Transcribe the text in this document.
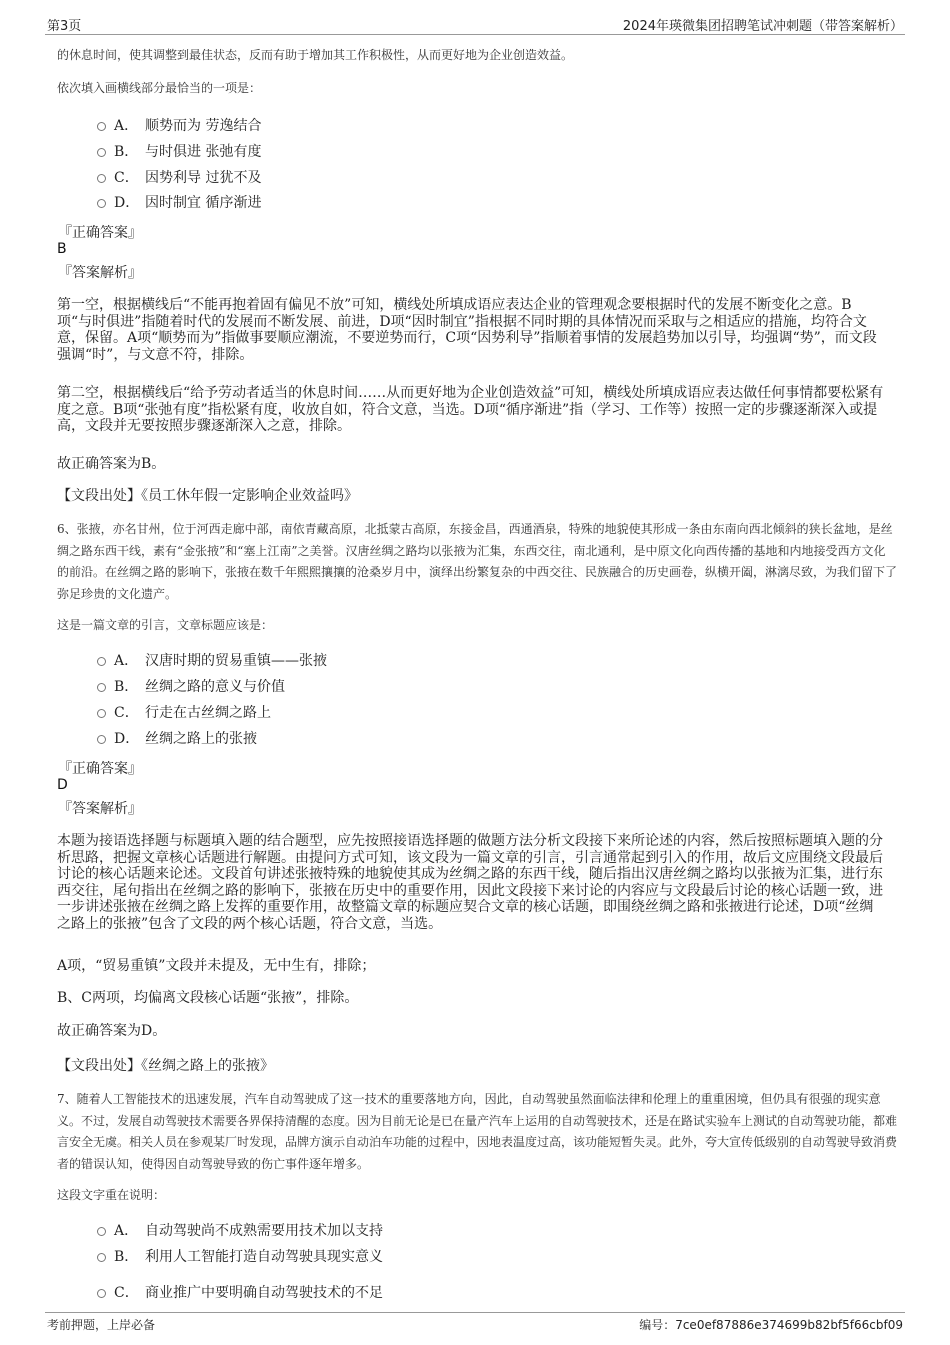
第3页	2024年瑛微集团招聘笔试冲刺题（带答案解析）
的休息时间，使其调整到最佳状态，反而有助于增加其工作积极性，从而更好地为企业创造效益。
依次填入画横线部分最恰当的一项是：
A． 顺势而为 劳逸结合
B． 与时俱进 张弛有度
C． 因势利导 过犹不及
D． 因时制宜 循序渐进
『正确答案』
B
『答案解析』
第一空，根据横线后“不能再抱着固有偏见不放”可知，横线处所填成语应表达企业的管理观念要根据时代的发展不断变化之意。B项“与时俱进”指随着时代的发展而不断发展、前进，D项“因时制宜”指根据不同时期的具体情况而采取与之相适应的措施，均符合文意，保留。A项“顺势而为”指做事要顺应潮流，不要逆势而行，C项“因势利导”指顺着事情的发展趋势加以引导，均强调“势”，而文段强调“时”，与文意不符，排除。
第二空，根据横线后“给予劳动者适当的休息时间……从而更好地为企业创造效益”可知，横线处所填成语应表达做任何事情都要松紧有度之意。B项“张弛有度”指松紧有度，收放自如，符合文意，当选。D项“循序渐进”指（学习、工作等）按照一定的步骤逐渐深入或提高，文段并无要按照步骤逐渐深入之意，排除。
故正确答案为B。
【文段出处】《员工休年假一定影响企业效益吗》
6、张掖，亦名甘州，位于河西走廊中部，南依青藏高原，北抵蒙古高原，东接金昌，西通酒泉，特殊的地貌使其形成一条由东南向西北倾斜的狭长盆地，是丝绸之路东西干线，素有“金张掖”和“塞上江南”之美誉。汉唐丝绸之路均以张掖为汇集，东西交往，南北通利，是中原文化向西传播的基地和内地接受西方文化的前沿。在丝绸之路的影响下，张掖在数千年熙熙攘攘的沧桑岁月中，演绎出纷繁复杂的中西交往、民族融合的历史画卷，纵横开阖，淋漓尽致，为我们留下了弥足珍贵的文化遗产。
这是一篇文章的引言，文章标题应该是：
A． 汉唐时期的贸易重镇——张掖
B． 丝绸之路的意义与价值
C． 行走在古丝绸之路上
D． 丝绸之路上的张掖
『正确答案』
D
『答案解析』
本题为接语选择题与标题填入题的结合题型，应先按照接语选择题的做题方法分析文段接下来所论述的内容，然后按照标题填入题的分析思路，把握文章核心话题进行解题。由提问方式可知，该文段为一篇文章的引言，引言通常起到引入的作用，故后文应围绕文段最后讨论的核心话题来论述。文段首句讲述张掖特殊的地貌使其成为丝绸之路的东西干线，随后指出汉唐丝绸之路均以张掖为汇集，进行东西交往，尾句指出在丝绸之路的影响下，张掖在历史中的重要作用，因此文段接下来讨论的内容应与文段最后讨论的核心话题一致，进一步讲述张掖在丝绸之路上发挥的重要作用，故整篇文章的标题应契合文章的核心话题，即围绕丝绸之路和张掖进行论述，D项“丝绸之路上的张掖”包含了文段的两个核心话题，符合文意，当选。
A项，“贸易重镇”文段并未提及，无中生有，排除；
B、C两项，均偏离文段核心话题“张掖”，排除。
故正确答案为D。
【文段出处】《丝绸之路上的张掖》
7、随着人工智能技术的迅速发展，汽车自动驾驶成了这一技术的重要落地方向，因此，自动驾驶虽然面临法律和伦理上的重重困境，但仍具有很强的现实意义。不过，发展自动驾驶技术需要各界保持清醒的态度。因为目前无论是已在量产汽车上运用的自动驾驶技术，还是在路试实验车上测试的自动驾驶功能，都难言安全无虞。相关人员在参观某厂时发现，品牌方演示自动泊车功能的过程中，因地表温度过高，该功能短暂失灵。此外，夸大宣传低级别的自动驾驶导致消费者的错误认知，使得因自动驾驶导致的伤亡事件逐年增多。
这段文字重在说明：
A． 自动驾驶尚不成熟需要用技术加以支持
B． 利用人工智能打造自动驾驶具现实意义
C． 商业推广中要明确自动驾驶技术的不足
考前押题，上岸必备	编号：7ce0ef87886e374699b82bf5f66cbf09
